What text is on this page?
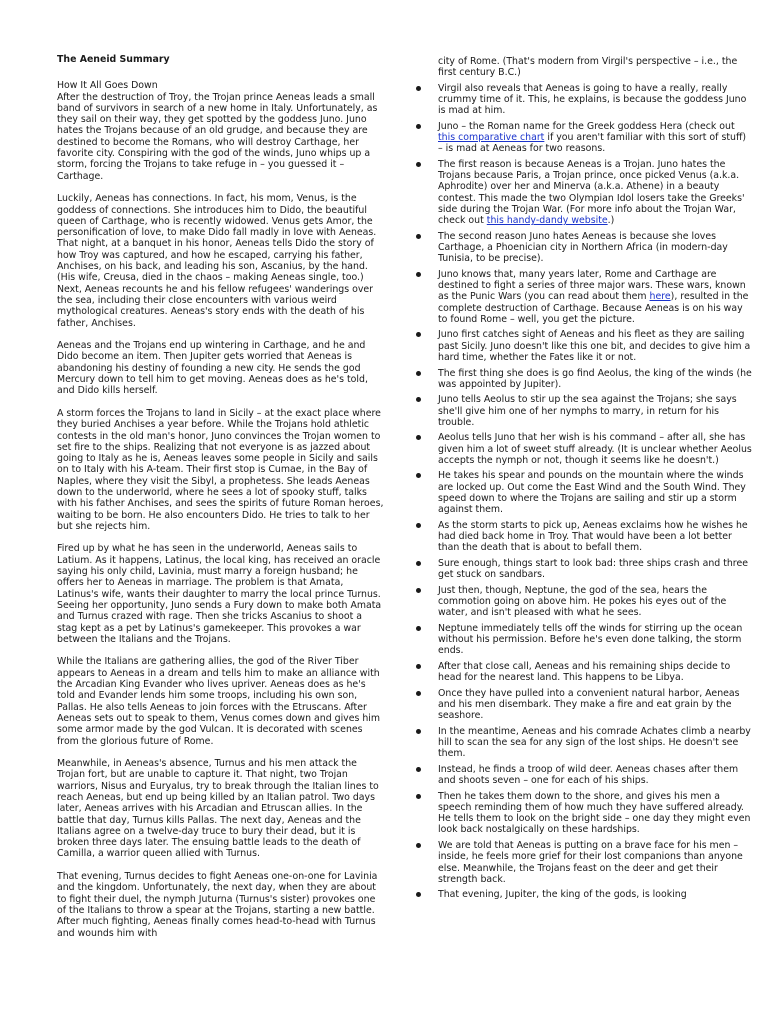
The Aeneid Summary

How It All Goes Down

After the destruction of Troy, the Trojan prince Aeneas leads a small band of survivors in search of a new home in Italy. Unfortunately, as they sail on their way, they get spotted by the goddess Juno. Juno hates the Trojans because of an old grudge, and because they are destined to become the Romans, who will destroy Carthage, her favorite city. Conspiring with the god of the winds, Juno whips up a storm, forcing the Trojans to take refuge in – you guessed it – Carthage.

Luckily, Aeneas has connections. In fact, his mom, Venus, is the goddess of connections. She introduces him to Dido, the beautiful queen of Carthage, who is recently widowed. Venus gets Amor, the personification of love, to make Dido fall madly in love with Aeneas. That night, at a banquet in his honor, Aeneas tells Dido the story of how Troy was captured, and how he escaped, carrying his father, Anchises, on his back, and leading his son, Ascanius, by the hand. (His wife, Creusa, died in the chaos – making Aeneas single, too.) Next, Aeneas recounts he and his fellow refugees' wanderings over the sea, including their close encounters with various weird mythological creatures. Aeneas's story ends with the death of his father, Anchises.

Aeneas and the Trojans end up wintering in Carthage, and he and Dido become an item. Then Jupiter gets worried that Aeneas is abandoning his destiny of founding a new city. He sends the god Mercury down to tell him to get moving. Aeneas does as he's told, and Dido kills herself.

A storm forces the Trojans to land in Sicily – at the exact place where they buried Anchises a year before. While the Trojans hold athletic contests in the old man's honor, Juno convinces the Trojan women to set fire to the ships. Realizing that not everyone is as jazzed about going to Italy as he is, Aeneas leaves some people in Sicily and sails on to Italy with his A-team. Their first stop is Cumae, in the Bay of Naples, where they visit the Sibyl, a prophetess. She leads Aeneas down to the underworld, where he sees a lot of spooky stuff, talks with his father Anchises, and sees the spirits of future Roman heroes, waiting to be born. He also encounters Dido. He tries to talk to her but she rejects him.

Fired up by what he has seen in the underworld, Aeneas sails to Latium. As it happens, Latinus, the local king, has received an oracle saying his only child, Lavinia, must marry a foreign husband; he offers her to Aeneas in marriage. The problem is that Amata, Latinus's wife, wants their daughter to marry the local prince Turnus. Seeing her opportunity, Juno sends a Fury down to make both Amata and Turnus crazed with rage. Then she tricks Ascanius to shoot a stag kept as a pet by Latinus's gamekeeper. This provokes a war between the Italians and the Trojans.

While the Italians are gathering allies, the god of the River Tiber appears to Aeneas in a dream and tells him to make an alliance with the Arcadian King Evander who lives upriver. Aeneas does as he's told and Evander lends him some troops, including his own son, Pallas. He also tells Aeneas to join forces with the Etruscans. After Aeneas sets out to speak to them, Venus comes down and gives him some armor made by the god Vulcan. It is decorated with scenes from the glorious future of Rome.

Meanwhile, in Aeneas's absence, Turnus and his men attack the Trojan fort, but are unable to capture it. That night, two Trojan warriors, Nisus and Euryalus, try to break through the Italian lines to reach Aeneas, but end up being killed by an Italian patrol. Two days later, Aeneas arrives with his Arcadian and Etruscan allies. In the battle that day, Turnus kills Pallas. The next day, Aeneas and the Italians agree on a twelve-day truce to bury their dead, but it is broken three days later. The ensuing battle leads to the death of Camilla, a warrior queen allied with Turnus.

That evening, Turnus decides to fight Aeneas one-on-one for Lavinia and the kingdom. Unfortunately, the next day, when they are about to fight their duel, the nymph Juturna (Turnus's sister) provokes one of the Italians to throw a spear at the Trojans, starting a new battle. After much fighting, Aeneas finally comes head-to-head with Turnus and wounds him with

city of Rome. (That's modern from Virgil's perspective – i.e., the first century B.C.)

Virgil also reveals that Aeneas is going to have a really, really crummy time of it. This, he explains, is because the goddess Juno is mad at him.
Juno – the Roman name for the Greek goddess Hera (check out this comparative chart if you aren't familiar with this sort of stuff) – is mad at Aeneas for two reasons.
The first reason is because Aeneas is a Trojan. Juno hates the Trojans because Paris, a Trojan prince, once picked Venus (a.k.a. Aphrodite) over her and Minerva (a.k.a. Athene) in a beauty contest. This made the two Olympian Idol losers take the Greeks' side during the Trojan War. (For more info about the Trojan War, check out this handy-dandy website.)
The second reason Juno hates Aeneas is because she loves Carthage, a Phoenician city in Northern Africa (in modern-day Tunisia, to be precise).
Juno knows that, many years later, Rome and Carthage are destined to fight a series of three major wars. These wars, known as the Punic Wars (you can read about them here), resulted in the complete destruction of Carthage. Because Aeneas is on his way to found Rome – well, you get the picture.
Juno first catches sight of Aeneas and his fleet as they are sailing past Sicily. Juno doesn't like this one bit, and decides to give him a hard time, whether the Fates like it or not.
The first thing she does is go find Aeolus, the king of the winds (he was appointed by Jupiter).
Juno tells Aeolus to stir up the sea against the Trojans; she says she'll give him one of her nymphs to marry, in return for his trouble.
Aeolus tells Juno that her wish is his command – after all, she has given him a lot of sweet stuff already. (It is unclear whether Aeolus accepts the nymph or not, though it seems like he doesn't.)
He takes his spear and pounds on the mountain where the winds are locked up. Out come the East Wind and the South Wind. They speed down to where the Trojans are sailing and stir up a storm against them.
As the storm starts to pick up, Aeneas exclaims how he wishes he had died back home in Troy. That would have been a lot better than the death that is about to befall them.
Sure enough, things start to look bad: three ships crash and three get stuck on sandbars.
Just then, though, Neptune, the god of the sea, hears the commotion going on above him. He pokes his eyes out of the water, and isn't pleased with what he sees.
Neptune immediately tells off the winds for stirring up the ocean without his permission. Before he's even done talking, the storm ends.
After that close call, Aeneas and his remaining ships decide to head for the nearest land. This happens to be Libya.
Once they have pulled into a convenient natural harbor, Aeneas and his men disembark. They make a fire and eat grain by the seashore.
In the meantime, Aeneas and his comrade Achates climb a nearby hill to scan the sea for any sign of the lost ships. He doesn't see them.
Instead, he finds a troop of wild deer. Aeneas chases after them and shoots seven – one for each of his ships.
Then he takes them down to the shore, and gives his men a speech reminding them of how much they have suffered already. He tells them to look on the bright side – one day they might even look back nostalgically on these hardships.
We are told that Aeneas is putting on a brave face for his men – inside, he feels more grief for their lost companions than anyone else. Meanwhile, the Trojans feast on the deer and get their strength back.
That evening, Jupiter, the king of the gods, is looking
